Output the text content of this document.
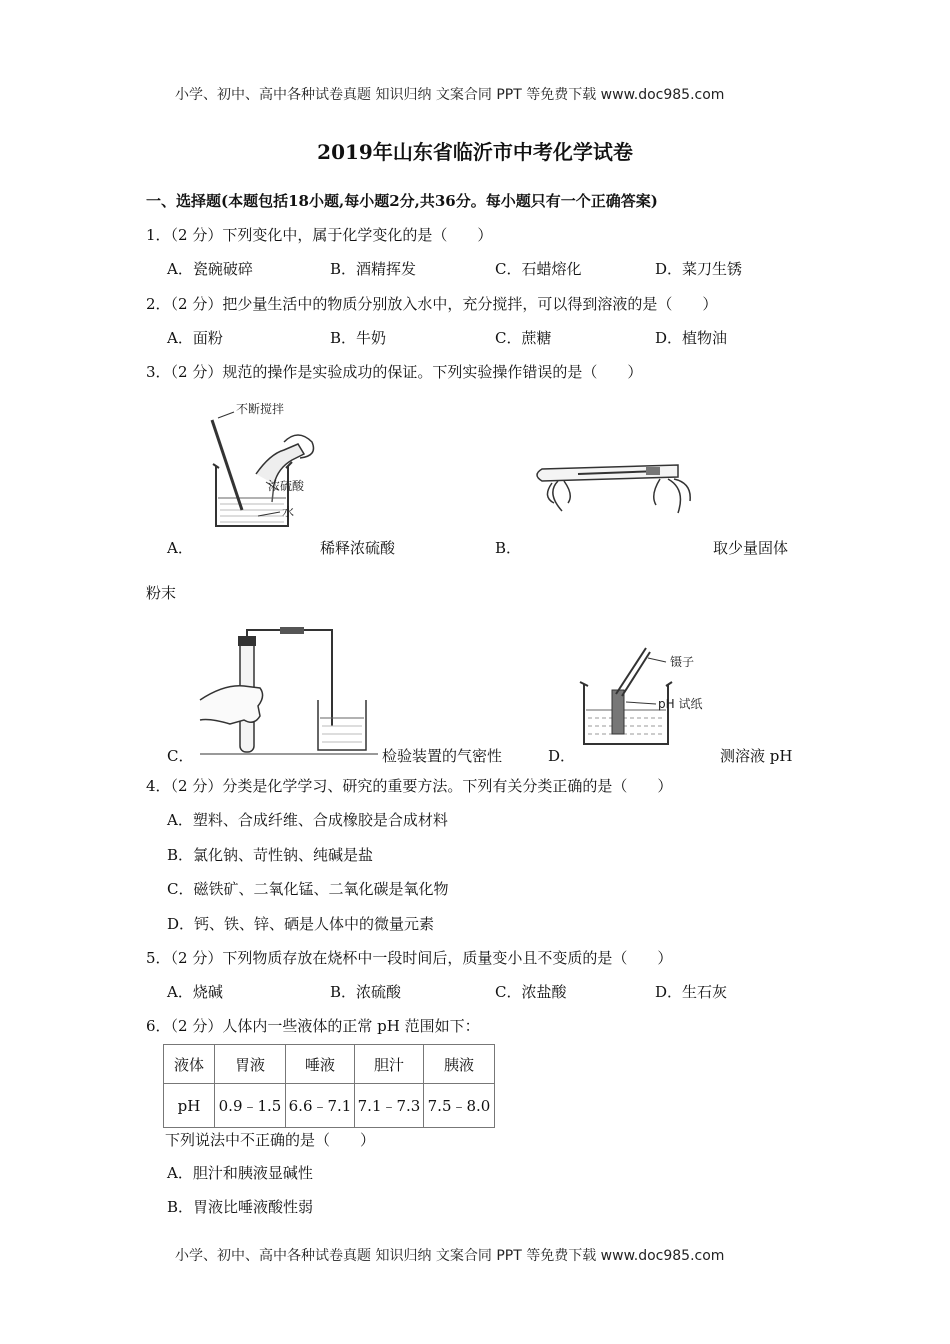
小学、初中、高中各种试卷真题 知识归纳 文案合同 PPT 等免费下载 www.doc985.com
小学、初中、高中各种试卷真题 知识归纳 文案合同 PPT 等免费下载 www.doc985.com
2019年山东省临沂市中考化学试卷
一、选择题(本题包括18小题,每小题2分,共36分。每小题只有一个正确答案)
1．（2 分）下列变化中，属于化学变化的是（　　）
A．瓷碗破碎	B．酒精挥发	C．石蜡熔化	D．菜刀生锈
2．（2 分）把少量生活中的物质分别放入水中，充分搅拌，可以得到溶液的是（　　）
A．面粉	B．牛奶	C．蔗糖	D．植物油
3．（2 分）规范的操作是实验成功的保证。下列实验操作错误的是（　　）
不断搅拌
浓硫酸
水
A．	稀释浓硫酸	B．	取少量固体
粉末
镊子
pH 试纸
C．	检验装置的气密性	D．	测溶液 pH
4．（2 分）分类是化学学习、研究的重要方法。下列有关分类正确的是（　　）
A．塑料、合成纤维、合成橡胶是合成材料
B．氯化钠、苛性钠、纯碱是盐
C．磁铁矿、二氧化锰、二氧化碳是氧化物
D．钙、铁、锌、硒是人体中的微量元素
5．（2 分）下列物质存放在烧杯中一段时间后，质量变小且不变质的是（　　）
A．烧碱	B．浓硫酸	C．浓盐酸	D．生石灰
6．（2 分）人体内一些液体的正常 pH 范围如下：
液体	胃液	唾液	胆汁	胰液
pH	0.9﹣1.5	6.6﹣7.1	7.1﹣7.3	7.5﹣8.0
下列说法中不正确的是（　　）
A．胆汁和胰液显碱性
B．胃液比唾液酸性弱
